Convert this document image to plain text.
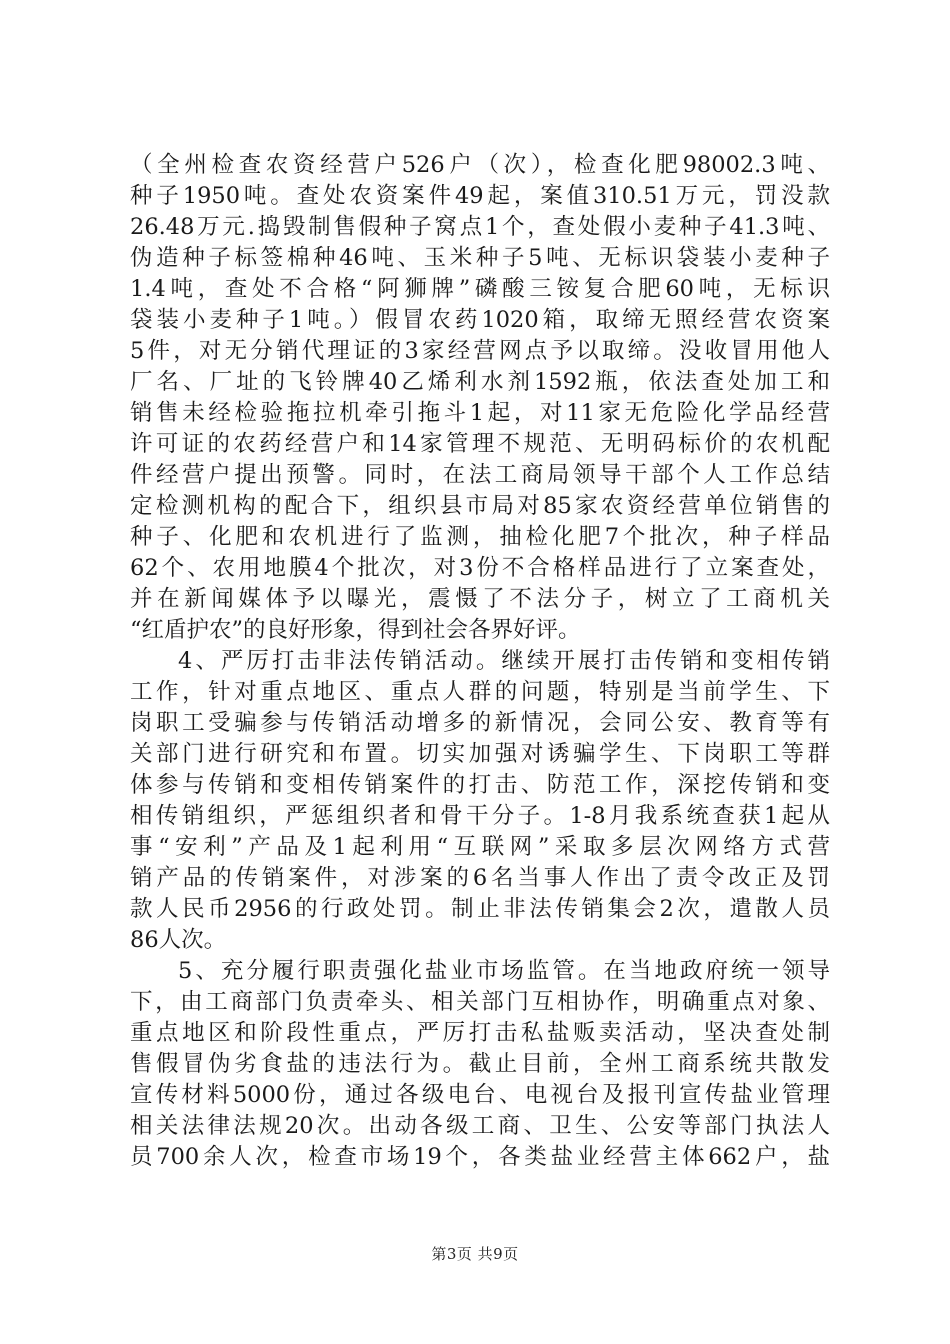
（全州检查农资经营户526户（次），检查化肥98002.3吨、
种子1950吨。查处农资案件49起，案值310.51万元，罚没款
26.48万元.捣毁制售假种子窝点1个，查处假小麦种子41.3吨、
伪造种子标签棉种46吨、玉米种子5吨、无标识袋装小麦种子
1.4吨，查处不合格“阿狮牌”磷酸三铵复合肥60吨，无标识
袋装小麦种子1吨。）假冒农药1020箱，取缔无照经营农资案
5件，对无分销代理证的3家经营网点予以取缔。没收冒用他人
厂名、厂址的飞铃牌40乙烯利水剂1592瓶，依法查处加工和
销售未经检验拖拉机牵引拖斗1起，对11家无危险化学品经营
许可证的农药经营户和14家管理不规范、无明码标价的农机配
件经营户提出预警。同时，在法工商局领导干部个人工作总结
定检测机构的配合下，组织县市局对85家农资经营单位销售的
种子、化肥和农机进行了监测，抽检化肥7个批次，种子样品
62个、农用地膜4个批次，对3份不合格样品进行了立案查处，
并在新闻媒体予以曝光，震慑了不法分子，树立了工商机关
“红盾护农”的良好形象，得到社会各界好评。
4、严厉打击非法传销活动。继续开展打击传销和变相传销
工作，针对重点地区、重点人群的问题，特别是当前学生、下
岗职工受骗参与传销活动增多的新情况，会同公安、教育等有
关部门进行研究和布置。切实加强对诱骗学生、下岗职工等群
体参与传销和变相传销案件的打击、防范工作，深挖传销和变
相传销组织，严惩组织者和骨干分子。1-8月我系统查获1起从
事“安利”产品及1起利用“互联网”采取多层次网络方式营
销产品的传销案件，对涉案的6名当事人作出了责令改正及罚
款人民币2956的行政处罚。制止非法传销集会2次，遣散人员
86人次。
5、充分履行职责强化盐业市场监管。在当地政府统一领导
下，由工商部门负责牵头、相关部门互相协作，明确重点对象、
重点地区和阶段性重点，严厉打击私盐贩卖活动，坚决查处制
售假冒伪劣食盐的违法行为。截止目前，全州工商系统共散发
宣传材料5000份，通过各级电台、电视台及报刊宣传盐业管理
相关法律法规20次。出动各级工商、卫生、公安等部门执法人
员700余人次，检查市场19个，各类盐业经营主体662户，盐
第3页 共9页
